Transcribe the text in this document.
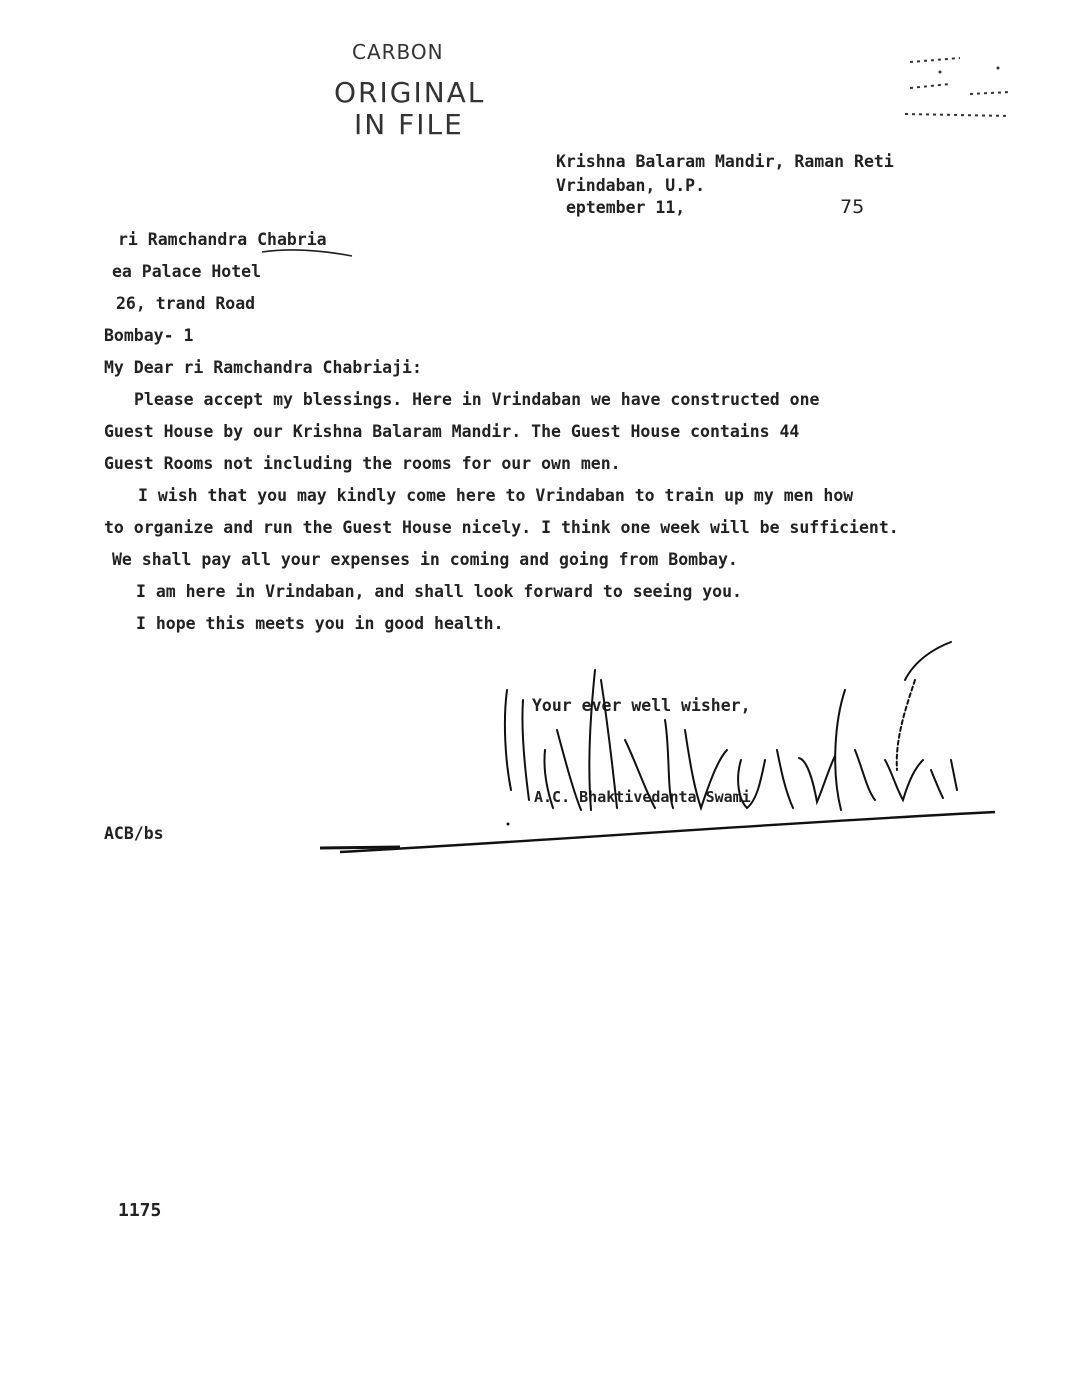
CARBON
ORIGINAL
IN FILE
Krishna Balaram Mandir, Raman Reti
Vrindaban, U.P.
eptember 11,	75
ri Ramchandra Chabria
ea Palace Hotel
26, trand Road
Bombay- 1
My Dear ri Ramchandra Chabriaji:
Please accept my blessings. Here in Vrindaban we have constructed one
Guest House by our Krishna Balaram Mandir. The Guest House contains 44
Guest Rooms not including the rooms for our own men.
I wish that you may kindly come here to Vrindaban to train up my men how
to organize and run the Guest House nicely. I think one week will be sufficient.
We shall pay all your expenses in coming and going from Bombay.
I am here in Vrindaban, and shall look forward to seeing you.
I hope this meets you in good health.
Your ever well wisher,
A.C. Bhaktivedanta Swami
ACB/bs
1175
